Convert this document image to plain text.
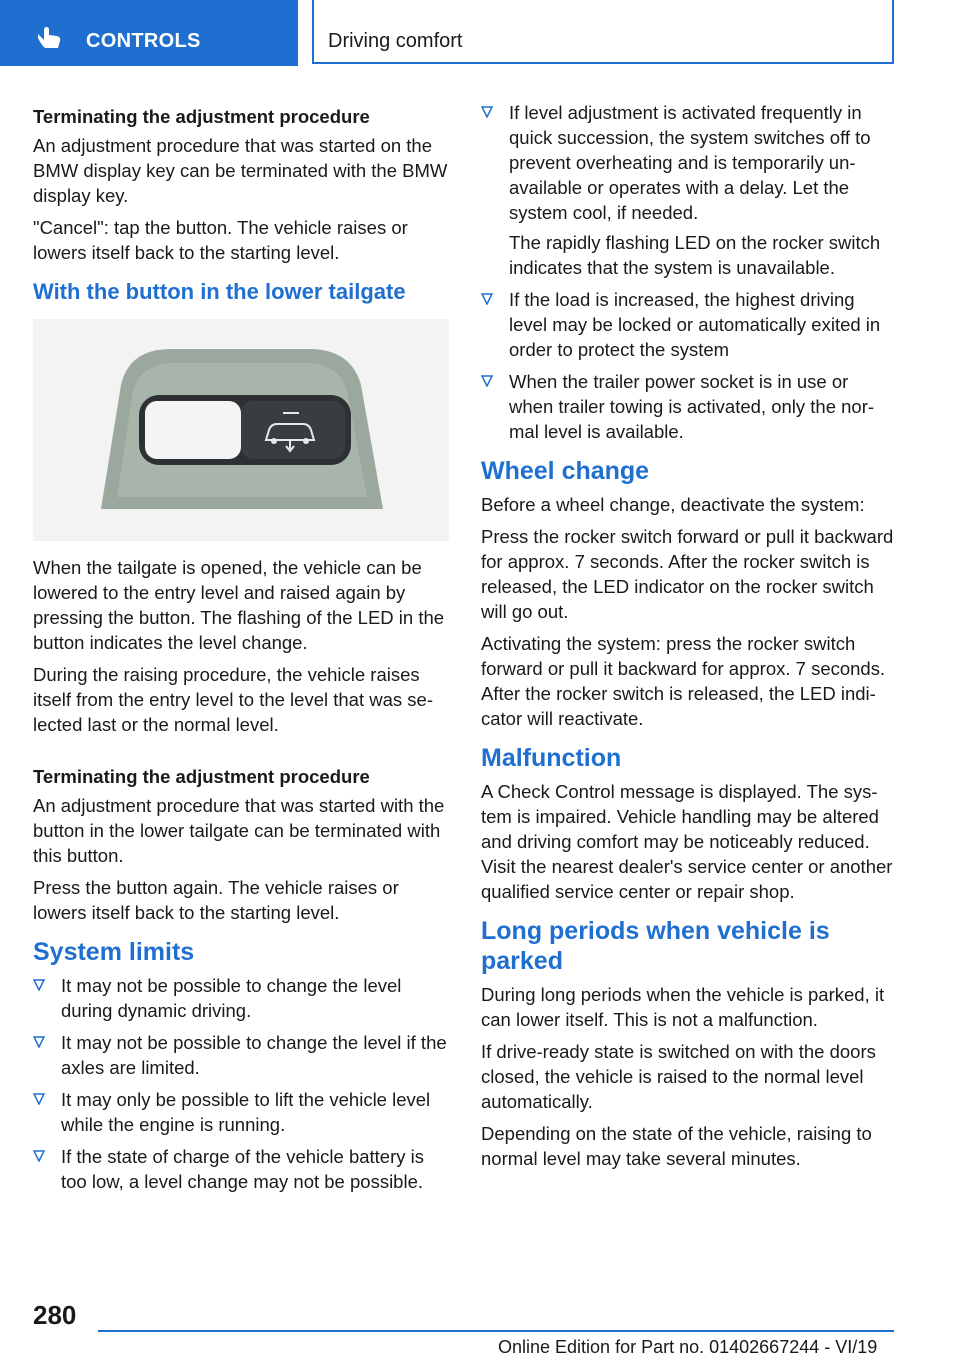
CONTROLS	Driving comfort
Terminating the adjustment procedure

An adjustment procedure that was started on the BMW display key can be terminated with the BMW display key.

"Cancel": tap the button. The vehicle raises or lowers itself back to the starting level.

With the button in the lower tailgate

When the tailgate is opened, the vehicle can be lowered to the entry level and raised again by pressing the button. The flashing of the LED in the button indicates the level change.

During the raising procedure, the vehicle raises itself from the entry level to the level that was selected last or the normal level.

Terminating the adjustment procedure

An adjustment procedure that was started with the button in the lower tailgate can be terminated with this button.

Press the button again. The vehicle raises or lowers itself back to the starting level.

System limits
It may not be possible to change the level during dynamic driving.
It may not be possible to change the level if the axles are limited.
It may only be possible to lift the vehicle level while the engine is running.
If the state of charge of the vehicle battery is too low, a level change may not be possible.

If level adjustment is activated frequently in quick succession, the system switches off to prevent overheating and is temporarily unavailable or operates with a delay. Let the system cool, if needed.

The rapidly flashing LED on the rocker switch indicates that the system is unavailable.

If the load is increased, the highest driving level may be locked or automatically exited in order to protect the system
When the trailer power socket is in use or when trailer towing is activated, only the normal level is available.
Wheel change

Before a wheel change, deactivate the system:

Press the rocker switch forward or pull it backward for approx. 7 seconds. After the rocker switch is released, the LED indicator on the rocker switch will go out.

Activating the system: press the rocker switch forward or pull it backward for approx. 7 seconds. After the rocker switch is released, the LED indicator will reactivate.

Malfunction

A Check Control message is displayed. The system is impaired. Vehicle handling may be altered and driving comfort may be noticeably reduced. Visit the nearest dealer's service center or another qualified service center or repair shop.

Long periods when vehicle is parked

During long periods when the vehicle is parked, it can lower itself. This is not a malfunction.

If drive-ready state is switched on with the doors closed, the vehicle is raised to the normal level automatically.

Depending on the state of the vehicle, raising to normal level may take several minutes.

280
Online Edition for Part no. 01402667244 - VI/19
